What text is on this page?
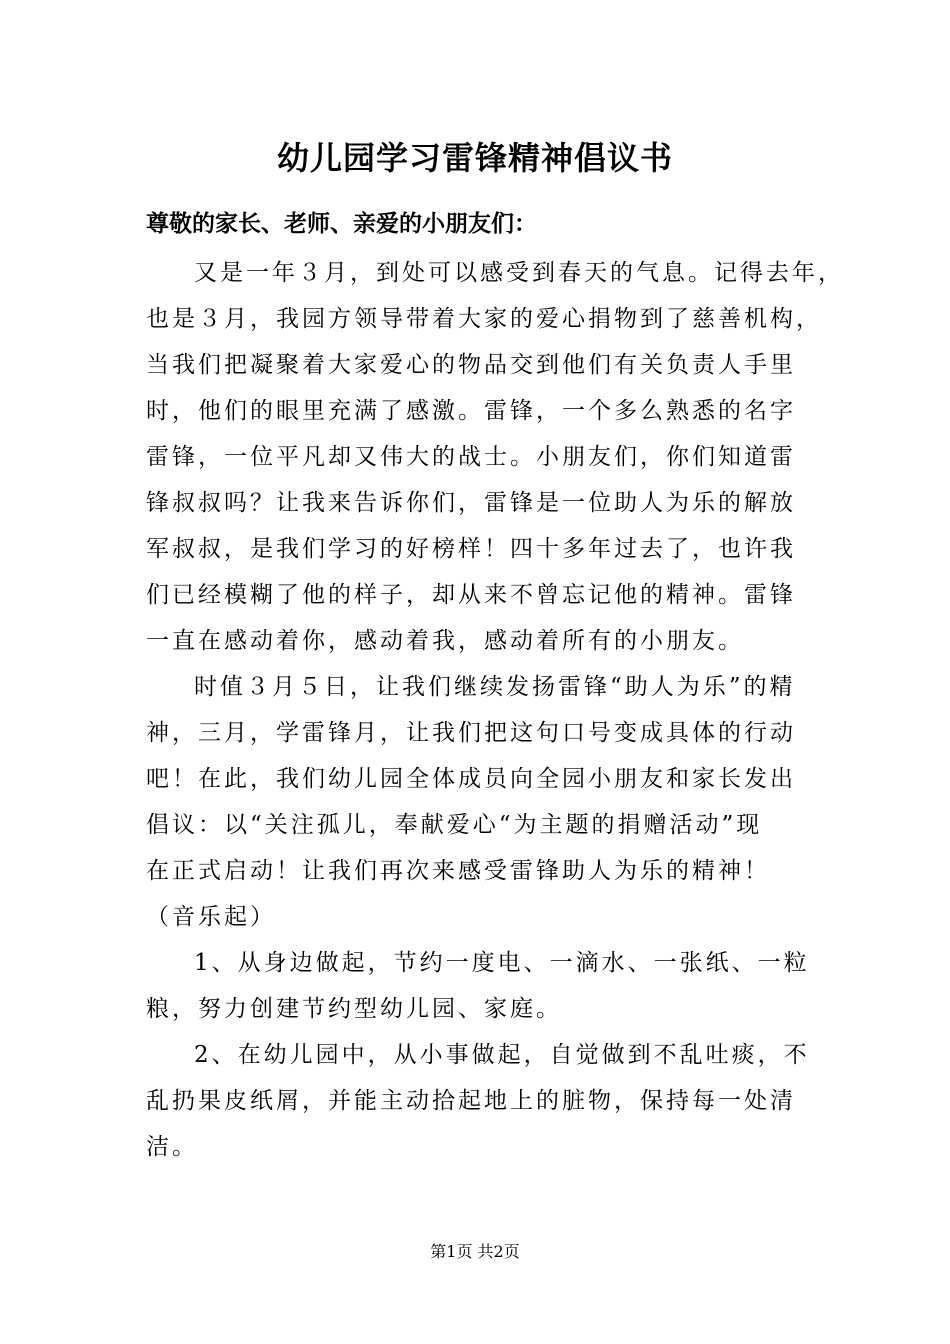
幼儿园学习雷锋精神倡议书
尊敬的家长、老师、亲爱的小朋友们：
又是一年３月，到处可以感受到春天的气息。记得去年，
也是３月，我园方领导带着大家的爱心捐物到了慈善机构，
当我们把凝聚着大家爱心的物品交到他们有关负责人手里
时，他们的眼里充满了感激。雷锋，一个多么熟悉的名字
雷锋，一位平凡却又伟大的战士。小朋友们，你们知道雷
锋叔叔吗？让我来告诉你们，雷锋是一位助人为乐的解放
军叔叔，是我们学习的好榜样！四十多年过去了，也许我
们已经模糊了他的样子，却从来不曾忘记他的精神。雷锋
一直在感动着你，感动着我，感动着所有的小朋友。
时值３月５日，让我们继续发扬雷锋“助人为乐”的精
神，三月，学雷锋月，让我们把这句口号变成具体的行动
吧！在此，我们幼儿园全体成员向全园小朋友和家长发出
倡议：以“关注孤儿，奉献爱心“为主题的捐赠活动”现
在正式启动！让我们再次来感受雷锋助人为乐的精神！
（音乐起）
1、从身边做起，节约一度电、一滴水、一张纸、一粒
粮，努力创建节约型幼儿园、家庭。
2、在幼儿园中，从小事做起，自觉做到不乱吐痰，不
乱扔果皮纸屑，并能主动拾起地上的脏物，保持每一处清
洁。
第1页 共2页
